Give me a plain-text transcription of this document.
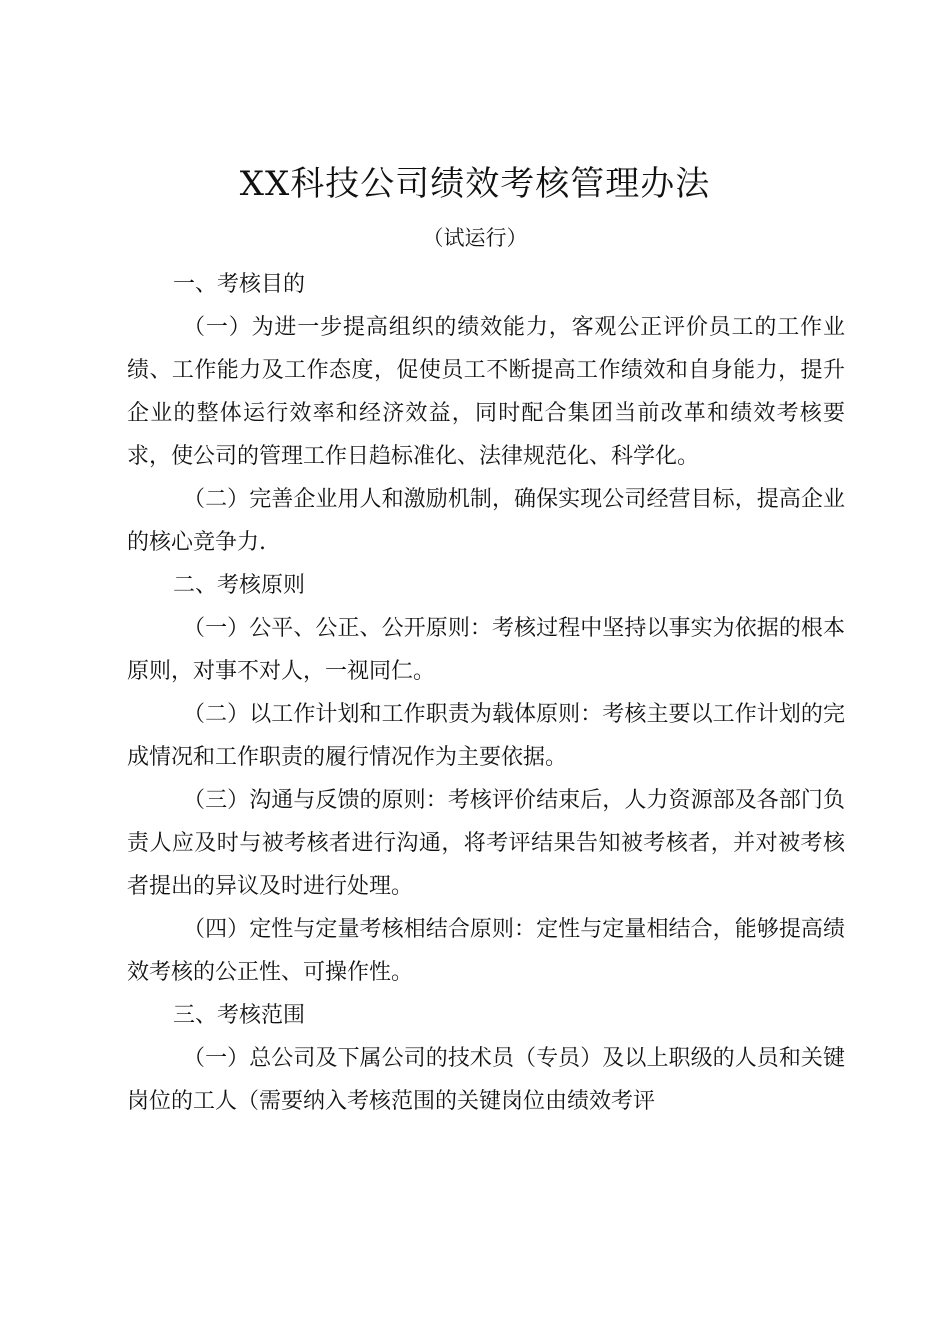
XX科技公司绩效考核管理办法
（试运行）

一、考核目的

（一）为进一步提高组织的绩效能力，客观公正评价员工的工作业绩、工作能力及工作态度，促使员工不断提高工作绩效和自身能力，提升企业的整体运行效率和经济效益，同时配合集团当前改革和绩效考核要求，使公司的管理工作日趋标准化、法律规范化、科学化。

（二）完善企业用人和激励机制，确保实现公司经营目标，提高企业的核心竞争力.

二、考核原则

（一）公平、公正、公开原则：考核过程中坚持以事实为依据的根本原则，对事不对人，一视同仁。

（二）以工作计划和工作职责为载体原则：考核主要以工作计划的完成情况和工作职责的履行情况作为主要依据。

（三）沟通与反馈的原则：考核评价结束后，人力资源部及各部门负责人应及时与被考核者进行沟通，将考评结果告知被考核者，并对被考核者提出的异议及时进行处理。

（四）定性与定量考核相结合原则：定性与定量相结合，能够提高绩效考核的公正性、可操作性。

三、考核范围

（一）总公司及下属公司的技术员（专员）及以上职级的人员和关键岗位的工人（需要纳入考核范围的关键岗位由绩效考评
